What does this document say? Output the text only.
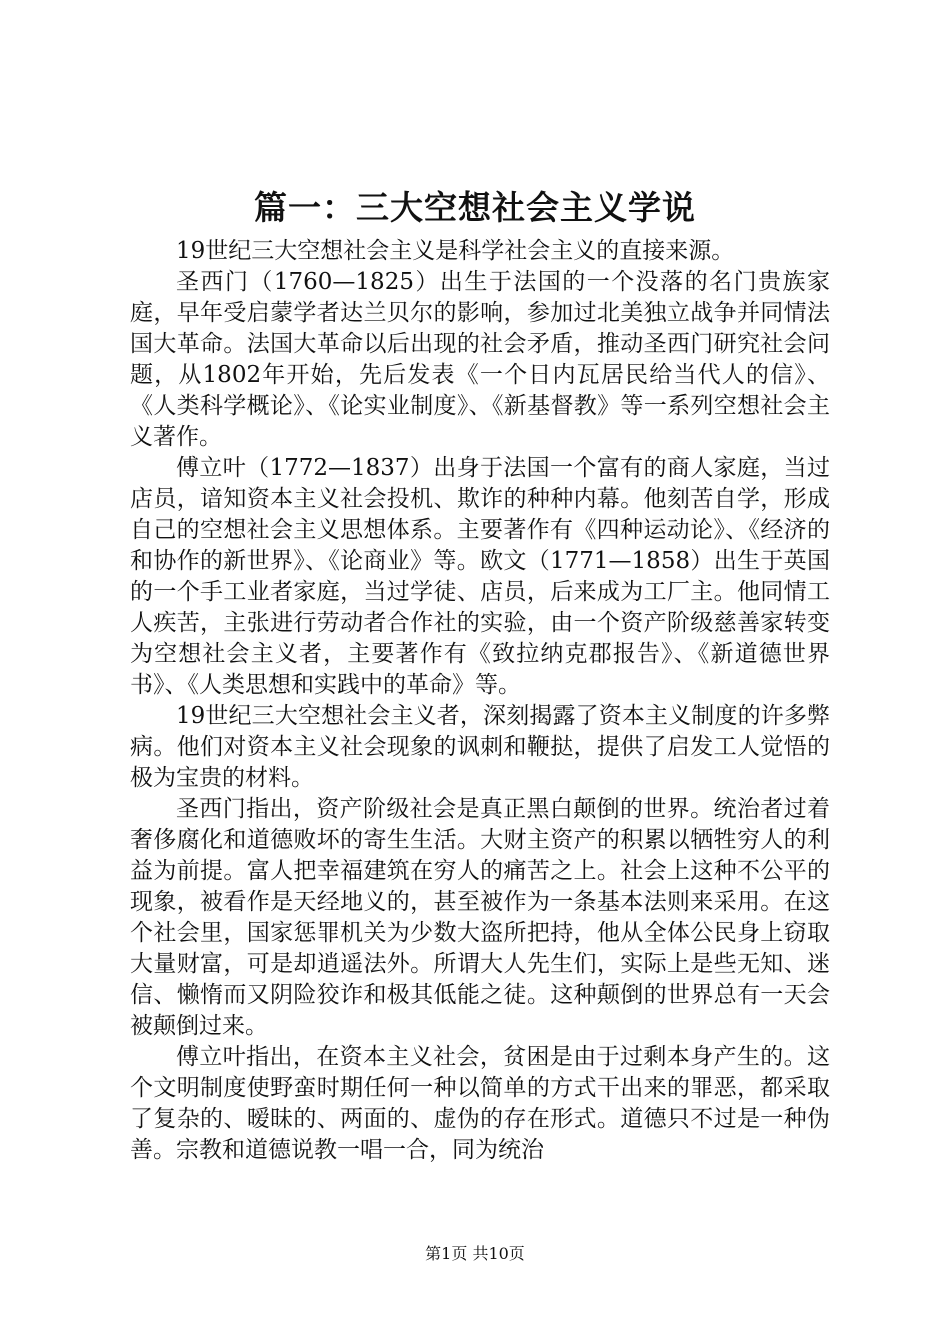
篇一：三大空想社会主义学说

19世纪三大空想社会主义是科学社会主义的直接来源。

圣西门（1760—1825）出生于法国的一个没落的名门贵族家庭，早年受启蒙学者达兰贝尔的影响，参加过北美独立战争并同情法国大革命。法国大革命以后出现的社会矛盾，推动圣西门研究社会问题，从1802年开始，先后发表《一个日内瓦居民给当代人的信》、《人类科学概论》、《论实业制度》、《新基督教》等一系列空想社会主义著作。

傅立叶（1772—1837）出身于法国一个富有的商人家庭，当过店员，谙知资本主义社会投机、欺诈的种种内幕。他刻苦自学，形成自己的空想社会主义思想体系。主要著作有《四种运动论》、《经济的和协作的新世界》、《论商业》等。欧文（1771—1858）出生于英国的一个手工业者家庭，当过学徒、店员，后来成为工厂主。他同情工人疾苦，主张进行劳动者合作社的实验，由一个资产阶级慈善家转变为空想社会主义者，主要著作有《致拉纳克郡报告》、《新道德世界书》、《人类思想和实践中的革命》等。

19世纪三大空想社会主义者，深刻揭露了资本主义制度的许多弊病。他们对资本主义社会现象的讽刺和鞭挞，提供了启发工人觉悟的极为宝贵的材料。

圣西门指出，资产阶级社会是真正黑白颠倒的世界。统治者过着奢侈腐化和道德败坏的寄生生活。大财主资产的积累以牺牲穷人的利益为前提。富人把幸福建筑在穷人的痛苦之上。社会上这种不公平的现象，被看作是天经地义的，甚至被作为一条基本法则来采用。在这个社会里，国家惩罪机关为少数大盗所把持，他从全体公民身上窃取大量财富，可是却逍遥法外。所谓大人先生们，实际上是些无知、迷信、懒惰而又阴险狡诈和极其低能之徒。这种颠倒的世界总有一天会被颠倒过来。

傅立叶指出，在资本主义社会，贫困是由于过剩本身产生的。这个文明制度使野蛮时期任何一种以简单的方式干出来的罪恶，都采取了复杂的、暧昧的、两面的、虚伪的存在形式。道德只不过是一种伪善。宗教和道德说教一唱一合，同为统治

第1页 共10页
